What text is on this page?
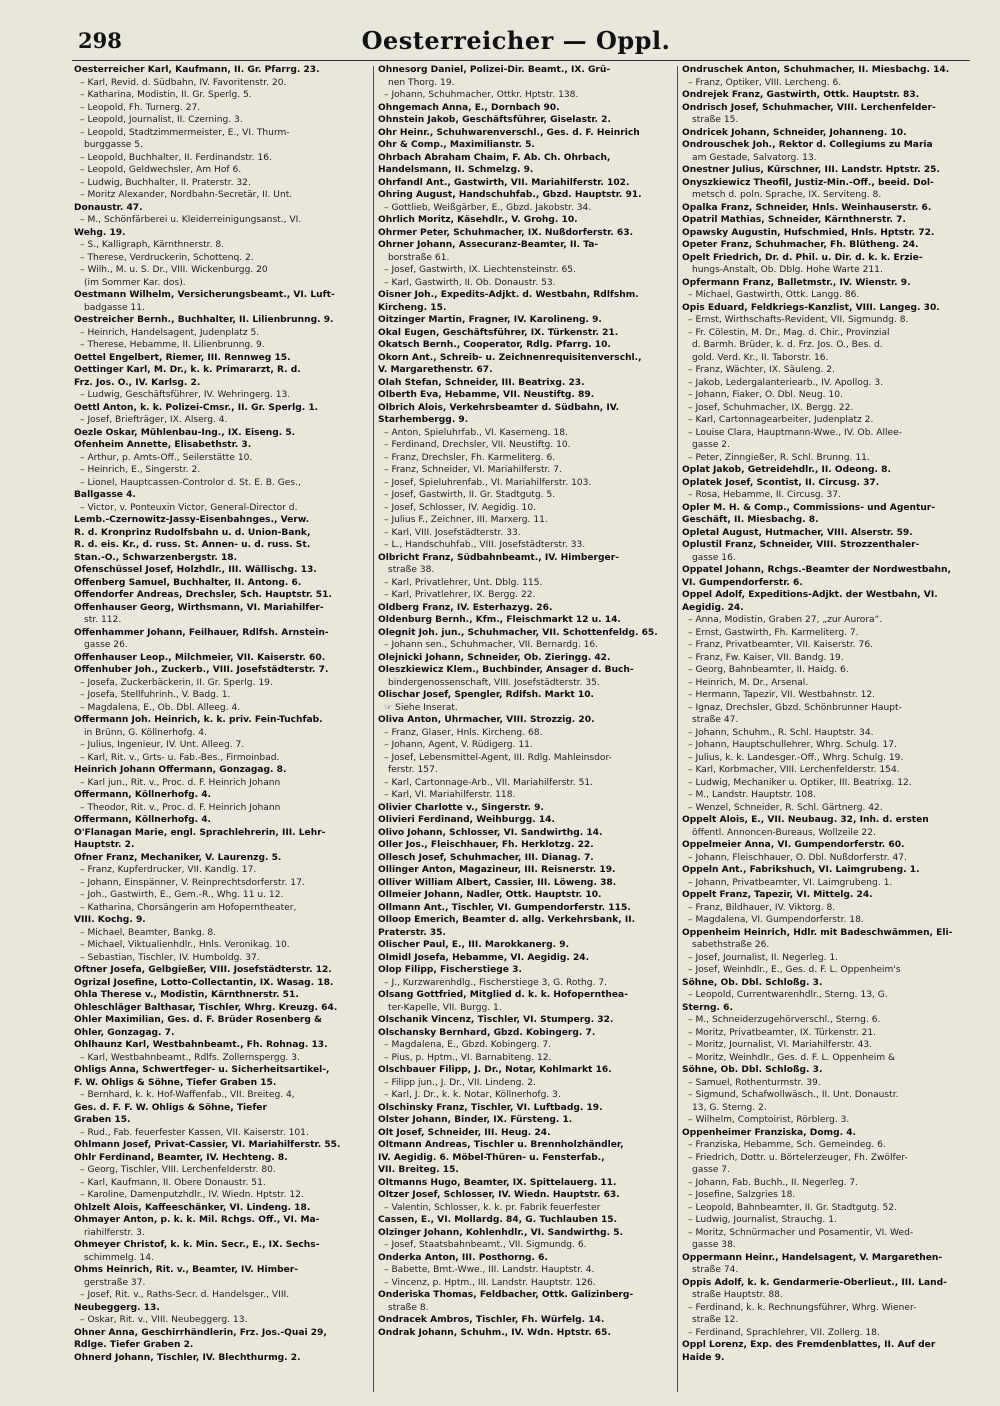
298	Oesterreicher — Oppl.
Oesterreicher Karl, Kaufmann, II. Gr. Pfarrg. 23.
– Karl, Revid. d. Südbahn, IV. Favoritenstr. 20.
– Katharina, Modistin, II. Gr. Sperlg. 5.
– Leopold, Fh. Turnerg. 27.
– Leopold, Journalist, II. Czerning. 3.
– Leopold, Stadtzimmermeister, E., VI. Thurm-
burggasse 5.
– Leopold, Buchhalter, II. Ferdinandstr. 16.
– Leopold, Geldwechsler, Am Hof 6.
– Ludwig, Buchhalter, II. Praterstr. 32.
– Moritz Alexander, Nordbahn-Secretär, II. Unt.
Donaustr. 47.
– M., Schönfärberei u. Kleiderreinigungsanst., VI.
Wehg. 19.
– S., Kalligraph, Kärnthnerstr. 8.
– Therese, Verdruckerin, Schottenq. 2.
– Wilh., M. u. S. Dr., VIII. Wickenburgg. 20
(im Sommer Kar. dos).
Oestmann Wilhelm, Versicherungsbeamt., VI. Luft-
badgasse 11.
Oestreicher Bernh., Buchhalter, II. Lilienbrunng. 9.
– Heinrich, Handelsagent, Judenplatz 5.
– Therese, Hebamme, II. Lilienbrunng. 9.
Oettel Engelbert, Riemer, III. Rennweg 15.
Oettinger Karl, M. Dr., k. k. Primararzt, R. d.
Frz. Jos. O., IV. Karlsg. 2.
– Ludwig, Geschäftsführer, IV. Wehringerg. 13.
Oettl Anton, k. k. Polizei-Cmsr., II. Gr. Sperlg. 1.
– Josef, Briefträger, IX. Alserg. 4.
Oezle Oskar, Mühlenbau-Ing., IX. Eiseng. 5.
Ofenheim Annette, Elisabethstr. 3.
– Arthur, p. Amts-Off., Seilerstätte 10.
– Heinrich, E., Singerstr. 2.
– Lionel, Hauptcassen-Controlor d. St. E. B. Ges.,
Ballgasse 4.
– Victor, v. Ponteuxin Victor, General-Director d.
Lemb.-Czernowitz-Jassy-Eisenbahnges., Verw.
R. d. Kronprinz Rudolfsbahn u. d. Union-Bank,
R. d. eis. Kr., d. russ. St. Annen- u. d. russ. St.
Stan.-O., Schwarzenbergstr. 18.
Ofenschüssel Josef, Holzhdlr., III. Wällischg. 13.
Offenberg Samuel, Buchhalter, II. Antong. 6.
Offendorfer Andreas, Drechsler, Sch. Hauptstr. 51.
Offenhauser Georg, Wirthsmann, VI. Mariahilfer-
str. 112.
Offenhammer Johann, Feilhauer, Rdlfsh. Arnstein-
gasse 26.
Offenhauser Leop., Milchmeier, VII. Kaiserstr. 60.
Offenhuber Joh., Zuckerb., VIII. Josefstädterstr. 7.
– Josefa, Zuckerbäckerin, II. Gr. Sperlg. 19.
– Josefa, Stellfuhrinh., V. Badg. 1.
– Magdalena, E., Ob. Dbl. Alleeg. 4.
Offermann Joh. Heinrich, k. k. priv. Fein-Tuchfab.
in Brünn, G. Köllnerhofg. 4.
– Julius, Ingenieur, IV. Unt. Alleeg. 7.
– Karl, Rit. v., Grts- u. Fab.-Bes., Firmoinbad.
Heinrich Johann Offermann, Gonzagag. 8.
– Karl jun., Rit. v., Proc. d. F. Heinrich Johann
Offermann, Köllnerhofg. 4.
– Theodor, Rit. v., Proc. d. F. Heinrich Johann
Offermann, Köllnerhofg. 4.
O'Flanagan Marie, engl. Sprachlehrerin, III. Lehr-
Hauptstr. 2.
Ofner Franz, Mechaniker, V. Laurenzg. 5.
– Franz, Kupferdrucker, VII. Kandlg. 17.
– Johann, Einspänner, V. Reinprechtsdorferstr. 17.
– Joh., Gastwirth, E., Gem.-R., Whg. 11 u. 12.
– Katharina, Chorsängerin am Hofoperntheater,
VIII. Kochg. 9.
– Michael, Beamter, Bankg. 8.
– Michael, Viktualienhdlr., Hnls. Veronikag. 10.
– Sebastian, Tischler, IV. Humboldg. 37.
Oftner Josefa, Gelbgießer, VIII. Josefstädterstr. 12.
Ogrizal Josefine, Lotto-Collectantin, IX. Wasag. 18.
Ohla Therese v., Modistin, Kärnthnerstr. 51.
Ohleschläger Balthasar, Tischler, Whrg. Kreuzg. 64.
Ohler Maximilian, Ges. d. F. Brüder Rosenberg &
Ohler, Gonzagag. 7.
Ohlhaunz Karl, Westbahnbeamt., Fh. Rohnag. 13.
– Karl, Westbahnbeamt., Rdlfs. Zollernspergg. 3.
Ohligs Anna, Schwertfeger- u. Sicherheitsartikel-,
F. W. Ohligs & Söhne, Tiefer Graben 15.
– Bernhard, k. k. Hof-Waffenfab., VII. Breiteg. 4,
Ges. d. F. F. W. Ohligs & Söhne, Tiefer
Graben 15.
– Rud., Fab. feuerfester Kassen, VII. Kaiserstr. 101.
Ohlmann Josef, Privat-Cassier, VI. Mariahilferstr. 55.
Ohlr Ferdinand, Beamter, IV. Hechteng. 8.
– Georg, Tischler, VIII. Lerchenfelderstr. 80.
– Karl, Kaufmann, II. Obere Donaustr. 51.
– Karoline, Damenputzhdlr., IV. Wiedn. Hptstr. 12.
Ohlzelt Alois, Kaffeeschänker, VI. Lindeng. 18.
Ohmayer Anton, p. k. k. Mil. Rchgs. Off., VI. Ma-
riahilferstr. 3.
Ohmeyer Christof, k. k. Min. Secr., E., IX. Sechs-
schimmelg. 14.
Ohms Heinrich, Rit. v., Beamter, IV. Himber-
gerstraße 37.
– Josef, Rit. v., Raths-Secr. d. Handelsger., VIII.
Neubeggerg. 13.
– Oskar, Rit. v., VIII. Neubeggerg. 13.
Ohner Anna, Geschirrhändlerin, Frz. Jos.-Quai 29,
Rdlge. Tiefer Graben 2.
Ohnerd Johann, Tischler, IV. Blechthurmg. 2.
Ohnesorg Daniel, Polizei-Dir. Beamt., IX. Grü-
nen Thorg. 19.
– Johann, Schuhmacher, Ottkr. Hptstr. 138.
Ohngemach Anna, E., Dornbach 90.
Ohnstein Jakob, Geschäftsführer, Giselastr. 2.
Ohr Heinr., Schuhwarenverschl., Ges. d. F. Heinrich
Ohr & Comp., Maximilianstr. 5.
Ohrbach Abraham Chaim, F. Ab. Ch. Ohrbach,
Handelsmann, II. Schmelzg. 9.
Ohrfandl Ant., Gastwirth, VII. Mariahilferstr. 102.
Ohring August, Handschuhfab., Gbzd. Hauptstr. 91.
– Gottlieb, Weißgärber, E., Gbzd. Jakobstr. 34.
Ohrlich Moritz, Käsehdlr., V. Grohg. 10.
Ohrmer Peter, Schuhmacher, IX. Nußdorferstr. 63.
Ohrner Johann, Assecuranz-Beamter, II. Ta-
borstraße 61.
– Josef, Gastwirth, IX. Liechtensteinstr. 65.
– Karl, Gastwirth, II. Ob. Donaustr. 53.
Oisner Joh., Expedits-Adjkt. d. Westbahn, Rdlfshm.
Kircheng. 15.
Oitzinger Martin, Fragner, IV. Karolineng. 9.
Okal Eugen, Geschäftsführer, IX. Türkenstr. 21.
Okatsch Bernh., Cooperator, Rdlg. Pfarrg. 10.
Okorn Ant., Schreib- u. Zeichnenrequisitenverschl.,
V. Margarethenstr. 67.
Olah Stefan, Schneider, III. Beatrixg. 23.
Olberth Eva, Hebamme, VII. Neustiftg. 89.
Olbrich Alois, Verkehrsbeamter d. Südbahn, IV.
Starhembergg. 9.
– Anton, Spieluhrfab., VI. Kaserneng. 18.
– Ferdinand, Drechsler, VII. Neustiftg. 10.
– Franz, Drechsler, Fh. Karmeliterg. 6.
– Franz, Schneider, VI. Mariahilferstr. 7.
– Josef, Spieluhrenfab., VI. Mariahilferstr. 103.
– Josef, Gastwirth, II. Gr. Stadtgutg. 5.
– Josef, Schlosser, IV. Aegidig. 10.
– Julius F., Zeichner, III. Marxerg. 11.
– Karl, VIII. Josefstädterstr. 33.
– L., Handschuhfab., VIII. Josefstädterstr. 33.
Olbricht Franz, Südbahnbeamt., IV. Himberger-
straße 38.
– Karl, Privatlehrer, Unt. Dblg. 115.
– Karl, Privatlehrer, IX. Bergg. 22.
Oldberg Franz, IV. Esterhazyg. 26.
Oldenburg Bernh., Kfm., Fleischmarkt 12 u. 14.
Olegnit Joh. jun., Schuhmacher, VII. Schottenfeldg. 65.
– Johann sen., Schuhmacher, VII. Bernardg. 16.
Olejnicki Johann, Schneider, Ob. Zieringg. 42.
Oleszkiewicz Klem., Buchbinder, Ansager d. Buch-
bindergenossenschaft, VIII. Josefstädterstr. 35.
Olischar Josef, Spengler, Rdlfsh. Markt 10.
☞ Siehe Inserat.
Oliva Anton, Uhrmacher, VIII. Strozzig. 20.
– Franz, Glaser, Hnls. Kircheng. 68.
– Johann, Agent, V. Rüdigerg. 11.
– Josef, Lebensmittel-Agent, III. Rdlg. Mahleinsdor-
ferstr. 157.
– Karl, Cartonnage-Arb., VII. Mariahilferstr. 51.
– Karl, VI. Mariahilferstr. 118.
Olivier Charlotte v., Singerstr. 9.
Olivieri Ferdinand, Weihburgg. 14.
Olivo Johann, Schlosser, VI. Sandwirthg. 14.
Oller Jos., Fleischhauer, Fh. Herklotzg. 22.
Ollesch Josef, Schuhmacher, III. Dianag. 7.
Ollinger Anton, Magazineur, III. Reisnerstr. 19.
Olliver William Albert, Cassier, III. Löweng. 38.
Ollmeier Johann, Nadler, Ottk. Hauptstr. 10.
Ollmann Ant., Tischler, VI. Gumpendorferstr. 115.
Olloop Emerich, Beamter d. allg. Verkehrsbank, II.
Praterstr. 35.
Olischer Paul, E., III. Marokkanerg. 9.
Olmidl Josefa, Hebamme, VI. Aegidig. 24.
Olop Filipp, Fischerstiege 3.
– J., Kurzwarenhdlg., Fischerstiege 3, G. Rothg. 7.
Olsang Gottfried, Mitglied d. k. k. Hofopernthea-
ter-Kapelle, VII. Burgg. 1.
Olschanik Vincenz, Tischler, VI. Stumperg. 32.
Olschansky Bernhard, Gbzd. Kobingerg. 7.
– Magdalena, E., Gbzd. Kobingerg. 7.
– Pius, p. Hptm., VI. Barnabiteng. 12.
Olschbauer Filipp, J. Dr., Notar, Kohlmarkt 16.
– Filipp jun., J. Dr., VII. Lindeng. 2.
– Karl, J. Dr., k. k. Notar, Köllnerhofg. 3.
Olschinsky Franz, Tischler, VI. Luftbadg. 19.
Olster Johann, Binder, IX. Fürsteng. 1.
Olt Josef, Schneider, III. Heug. 24.
Oltmann Andreas, Tischler u. Brennholzhändler,
IV. Aegidig. 6. Möbel-Thüren- u. Fensterfab.,
VII. Breiteg. 15.
Oltmanns Hugo, Beamter, IX. Spittelauerg. 11.
Oltzer Josef, Schlosser, IV. Wiedn. Hauptstr. 63.
– Valentin, Schlosser, k. k. pr. Fabrik feuerfester
Cassen, E., VI. Mollardg. 84, G. Tuchlauben 15.
Olzinger Johann, Kohlenhdlr., VI. Sandwirthg. 5.
– Josef, Staatsbahnbeamt., VII. Sigmundg. 6.
Onderka Anton, III. Posthorng. 6.
– Babette, Bmt.-Wwe., III. Landstr. Hauptstr. 4.
– Vincenz, p. Hptm., III. Landstr. Hauptstr. 126.
Onderiska Thomas, Feldbacher, Ottk. Galizinberg-
straße 8.
Ondracek Ambros, Tischler, Fh. Würfelg. 14.
Ondrak Johann, Schuhm., IV. Wdn. Hptstr. 65.
Ondruschek Anton, Schuhmacher, II. Miesbachg. 14.
– Franz, Optiker, VIII. Lercheng. 6.
Ondrejek Franz, Gastwirth, Ottk. Hauptstr. 83.
Ondrisch Josef, Schuhmacher, VIII. Lerchenfelder-
straße 15.
Ondricek Johann, Schneider, Johanneng. 10.
Ondrouschek Joh., Rektor d. Collegiums zu Maria
am Gestade, Salvatorg. 13.
Onestner Julius, Kürschner, III. Landstr. Hptstr. 25.
Onyszkiewicz Theofil, Justiz-Min.-Off., beeid. Dol-
metsch d. poln. Sprache, IX. Serviteng. 8.
Opalka Franz, Schneider, Hnls. Weinhauserstr. 6.
Opatril Mathias, Schneider, Kärnthnerstr. 7.
Opawsky Augustin, Hufschmied, Hnls. Hptstr. 72.
Opeter Franz, Schuhmacher, Fh. Blütheng. 24.
Opelt Friedrich, Dr. d. Phil. u. Dir. d. k. k. Erzie-
hungs-Anstalt, Ob. Dblg. Hohe Warte 211.
Opfermann Franz, Balletmstr., IV. Wienstr. 9.
– Michael, Gastwirth, Ottk. Langg. 86.
Opis Eduard, Feldkriegs-Kanzlist, VIII. Langeg. 30.
– Ernst, Wirthschafts-Revident, VII. Sigmundg. 8.
– Fr. Cölestin, M. Dr., Mag. d. Chir., Provinzial
d. Barmh. Brüder, k. d. Frz. Jos. O., Bes. d.
gold. Verd. Kr., II. Taborstr. 16.
– Franz, Wächter, IX. Säuleng. 2.
– Jakob, Ledergalanteriearb., IV. Apollog. 3.
– Johann, Fiaker, O. Dbl. Neug. 10.
– Josef, Schuhmacher, IX. Bergg. 22.
– Karl, Cartonnagearbeiter, Judenplatz 2.
– Louise Clara, Hauptmann-Wwe., IV. Ob. Allee-
gasse 2.
– Peter, Zinngießer, R. Schl. Brunng. 11.
Oplat Jakob, Getreidehdlr., II. Odeong. 8.
Oplatek Josef, Scontist, II. Circusg. 37.
– Rosa, Hebamme, II. Circusg. 37.
Opler M. H. & Comp., Commissions- und Agentur-
Geschäft, II. Miesbachg. 8.
Opletal August, Hutmacher, VIII. Alserstr. 59.
Oplustil Franz, Schneider, VIII. Strozzenthaler-
gasse 16.
Oppatel Johann, Rchgs.-Beamter der Nordwestbahn,
VI. Gumpendorferstr. 6.
Oppel Adolf, Expeditions-Adjkt. der Westbahn, VI.
Aegidig. 24.
– Anna, Modistin, Graben 27, „zur Aurora“.
– Ernst, Gastwirth, Fh. Karmeliterg. 7.
– Franz, Privatbeamter, VII. Kaiserstr. 76.
– Franz, Fw. Kaiser, VII. Bandg. 19.
– Georg, Bahnbeamter, II. Haidg. 6.
– Heinrich, M. Dr., Arsenal.
– Hermann, Tapezir, VII. Westbahnstr. 12.
– Ignaz, Drechsler, Gbzd. Schönbrunner Haupt-
straße 47.
– Johann, Schuhm., R. Schl. Hauptstr. 34.
– Johann, Hauptschullehrer, Whrg. Schulg. 17.
– Julius, k. k. Landesger.-Off., Whrg. Schulg. 19.
– Karl, Korbmacher, VIII. Lerchenfelderstr. 154.
– Ludwig, Mechaniker u. Optiker, III. Beatrixg. 12.
– M., Landstr. Hauptstr. 108.
– Wenzel, Schneider, R. Schl. Gärtnerg. 42.
Oppelt Alois, E., VII. Neubaug. 32, Inh. d. ersten
öffentl. Annoncen-Bureaus, Wollzeile 22.
Oppelmeier Anna, VI. Gumpendorferstr. 60.
– Johann, Fleischhauer, O. Dbl. Nußdorferstr. 47.
Oppeln Ant., Fabrikshuch, VI. Laimgrubeng. 1.
– Johann, Privatbeamter, VI. Laimgrubeng. 1.
Oppelt Franz, Tapezir, VI. Mittelg. 24.
– Franz, Bildhauer, IV. Viktorg. 8.
– Magdalena, VI. Gumpendorferstr. 18.
Oppenheim Heinrich, Hdlr. mit Badeschwämmen, Eli-
sabethstraße 26.
– Josef, Journalist, II. Negerleg. 1.
– Josef, Weinhdlr., E., Ges. d. F. L. Oppenheim's
Söhne, Ob. Dbl. Schloßg. 3.
– Leopold, Currentwarenhdlr., Sterng. 13, G.
Sterng. 6.
– M., Schneiderzugehörverschl., Sterng. 6.
– Moritz, Privatbeamter, IX. Türkenstr. 21.
– Moritz, Journalist, VI. Mariahilferstr. 43.
– Moritz, Weinhdlr., Ges. d. F. L. Oppenheim &
Söhne, Ob. Dbl. Schloßg. 3.
– Samuel, Rothenturmstr. 39.
– Sigmund, Schafwollwäsch., II. Unt. Donaustr.
13, G. Sterng. 2.
– Wilhelm, Comptoirist, Rörblerg. 3.
Oppenheimer Franziska, Domg. 4.
– Franziska, Hebamme, Sch. Gemeindeg. 6.
– Friedrich, Dottr. u. Börtelerzeuger, Fh. Zwölfer-
gasse 7.
– Johann, Fab. Buchh., II. Negerleg. 7.
– Josefine, Salzgries 18.
– Leopold, Bahnbeamter, II. Gr. Stadtgutg. 52.
– Ludwig, Journalist, Strauchg. 1.
– Moritz, Schnürmacher und Posamentir, VI. Wed-
gasse 38.
Oppermann Heinr., Handelsagent, V. Margarethen-
straße 74.
Oppis Adolf, k. k. Gendarmerie-Oberlieut., III. Land-
straße Hauptstr. 88.
– Ferdinand, k. k. Rechnungsführer, Whrg. Wiener-
straße 12.
– Ferdinand, Sprachlehrer, VII. Zollerg. 18.
Oppl Lorenz, Exp. des Fremdenblattes, II. Auf der
Haide 9.
